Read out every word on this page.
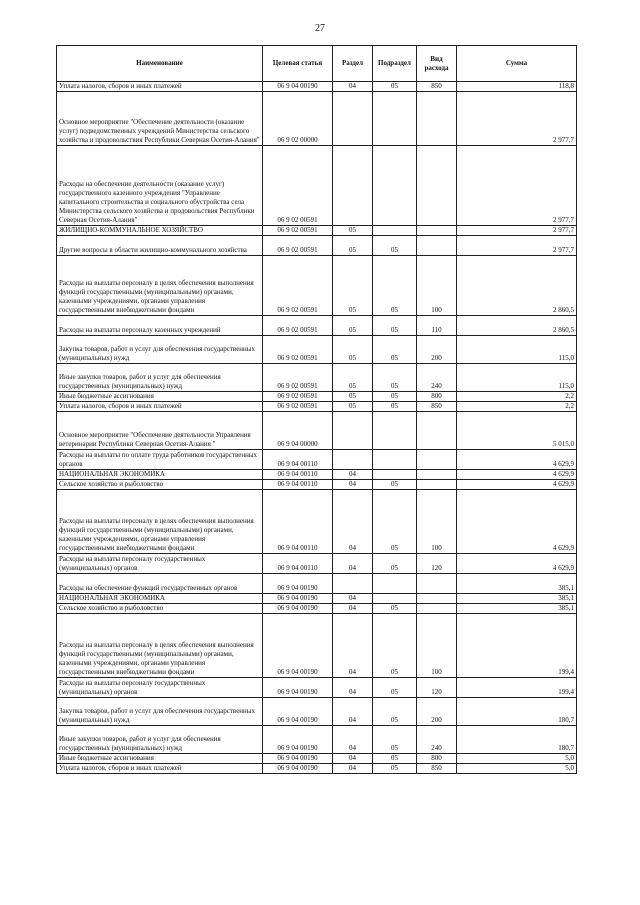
27
Наименование	Целевая статья	Раздел	Подраздел	Вид расхода	Сумма
Уплата налогов, сборов и иных платежей	06 9 04 00190	04	05	850	118,8
Основное мероприятие "Обеспечение деятельности (оказание услуг) подведомственных учреждений Министерства сельского хозяйства и продовольствия Республики Северная Осетия-Алания"	06 9 02 00000				2 977,7
Расходы на обеспечение деятельности (оказание услуг) государственного казенного учреждения "Управление капитального строительства и социального обустройства села Министерства сельского хозяйства и продовольствия Республики Северная Осетия-Алания"	06 9 02 00591				2 977,7
ЖИЛИЩНО-КОММУНАЛЬНОЕ ХОЗЯЙСТВО	06 9 02 00591	05			2 977,7
Другие вопросы в области жилищно-коммунального хозяйства	06 9 02 00591	05	05		2 977,7
Расходы на выплаты персоналу в целях обеспечения выполнения функций государственными (муниципальными) органами, казенными учреждениями, органами управления государственными внебюджетными фондами	06 9 02 00591	05	05	100	2 860,5
Расходы на выплаты персоналу казенных учреждений	06 9 02 00591	05	05	110	2 860,5
Закупка товаров, работ и услуг для обеспечения государственных (муниципальных) нужд	06 9 02 00591	05	05	200	115,0
Иные закупки товаров, работ и услуг для обеспечения государственных (муниципальных) нужд	06 9 02 00591	05	05	240	115,0
Иные бюджетные ассигнования	06 9 02 00591	05	05	800	2,2
Уплата налогов, сборов и иных платежей	06 9 02 00591	05	05	850	2,2
Основное мероприятие "Обеспечение деятельности Управления ветеринарии Республики Северная Осетия-Алания "	06 9 04 00000				5 015,0
Расходы на выплаты по оплате труда работников государственных органов	06 9 04 00110				4 629,9
НАЦИОНАЛЬНАЯ ЭКОНОМИКА	06 9 04 00110	04			4 629,9
Сельское хозяйство и рыболовство	06 9 04 00110	04	05		4 629,9
Расходы на выплаты персоналу в целях обеспечения выполнения функций государственными (муниципальными) органами, казенными учреждениями, органами управления государственными внебюджетными фондами	06 9 04 00110	04	05	100	4 629,9
Расходы на выплаты персоналу государственных (муниципальных) органов	06 9 04 00110	04	05	120	4 629,9
Расходы на обеспечение функций государственных органов	06 9 04 00190				385,1
НАЦИОНАЛЬНАЯ ЭКОНОМИКА	06 9 04 00190	04			385,1
Сельское хозяйство и рыболовство	06 9 04 00190	04	05		385,1
Расходы на выплаты персоналу в целях обеспечения выполнения функций государственными (муниципальными) органами, казенными учреждениями, органами управления государственными внебюджетными фондами	06 9 04 00190	04	05	100	199,4
Расходы на выплаты персоналу государственных (муниципальных) органов	06 9 04 00190	04	05	120	199,4
Закупка товаров, работ и услуг для обеспечения государственных (муниципальных) нужд	06 9 04 00190	04	05	200	180,7
Иные закупки товаров, работ и услуг для обеспечения государственных (муниципальных) нужд	06 9 04 00190	04	05	240	180,7
Иные бюджетные ассигнования	06 9 04 00190	04	05	800	5,0
Уплата налогов, сборов и иных платежей	06 9 04 00190	04	05	850	5,0
